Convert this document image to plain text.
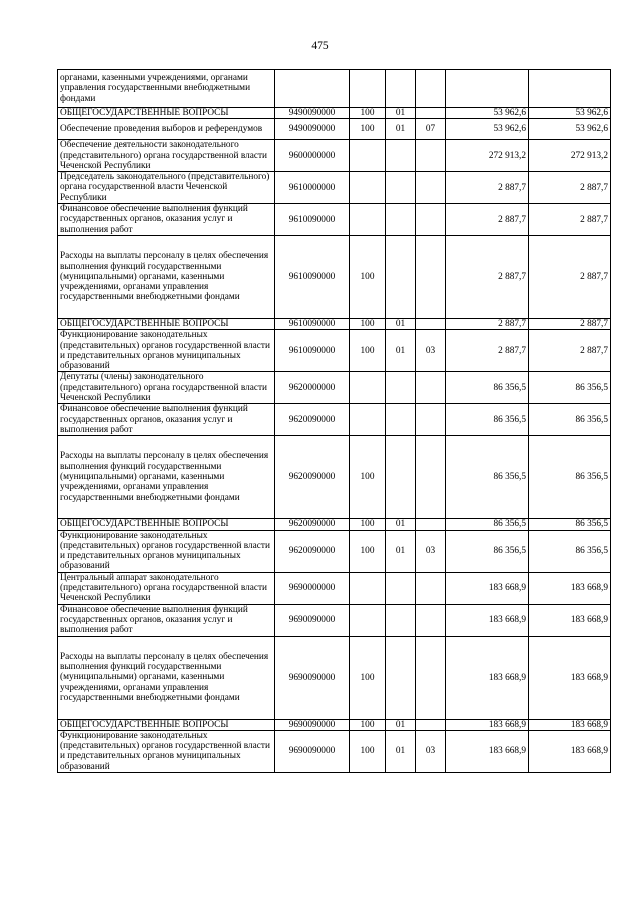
475
органами, казенными учреждениями, органами управления государственными внебюджетными фондами						
ОБЩЕГОСУДАРСТВЕННЫЕ ВОПРОСЫ	9490090000	100	01		53 962,6	53 962,6
Обеспечение проведения выборов и референдумов	9490090000	100	01	07	53 962,6	53 962,6
Обеспечение деятельности законодательного (представительного) органа государственной власти Чеченской Республики	9600000000				272 913,2	272 913,2
Председатель законодательного (представительного) органа государственной власти Чеченской Республики	9610000000				2 887,7	2 887,7
Финансовое обеспечение выполнения функций государственных органов, оказания услуг и выполнения работ	9610090000				2 887,7	2 887,7
Расходы на выплаты персоналу в целях обеспечения выполнения функций государственными (муниципальными) органами, казенными учреждениями, органами управления государственными внебюджетными фондами	9610090000	100			2 887,7	2 887,7
ОБЩЕГОСУДАРСТВЕННЫЕ ВОПРОСЫ	9610090000	100	01		2 887,7	2 887,7
Функционирование законодательных (представительных) органов государственной власти и представительных органов муниципальных образований	9610090000	100	01	03	2 887,7	2 887,7
Депутаты (члены) законодательного (представительного) органа государственной власти Чеченской Республики	9620000000				86 356,5	86 356,5
Финансовое обеспечение выполнения функций государственных органов, оказания услуг и выполнения работ	9620090000				86 356,5	86 356,5
Расходы на выплаты персоналу в целях обеспечения выполнения функций государственными (муниципальными) органами, казенными учреждениями, органами управления государственными внебюджетными фондами	9620090000	100			86 356,5	86 356,5
ОБЩЕГОСУДАРСТВЕННЫЕ ВОПРОСЫ	9620090000	100	01		86 356,5	86 356,5
Функционирование законодательных (представительных) органов государственной власти и представительных органов муниципальных образований	9620090000	100	01	03	86 356,5	86 356,5
Центральный аппарат законодательного (представительного) органа государственной власти Чеченской Республики	9690000000				183 668,9	183 668,9
Финансовое обеспечение выполнения функций государственных органов, оказания услуг и выполнения работ	9690090000				183 668,9	183 668,9
Расходы на выплаты персоналу в целях обеспечения выполнения функций государственными (муниципальными) органами, казенными учреждениями, органами управления государственными внебюджетными фондами	9690090000	100			183 668,9	183 668,9
ОБЩЕГОСУДАРСТВЕННЫЕ ВОПРОСЫ	9690090000	100	01		183 668,9	183 668,9
Функционирование законодательных (представительных) органов государственной власти и представительных органов муниципальных образований	9690090000	100	01	03	183 668,9	183 668,9
